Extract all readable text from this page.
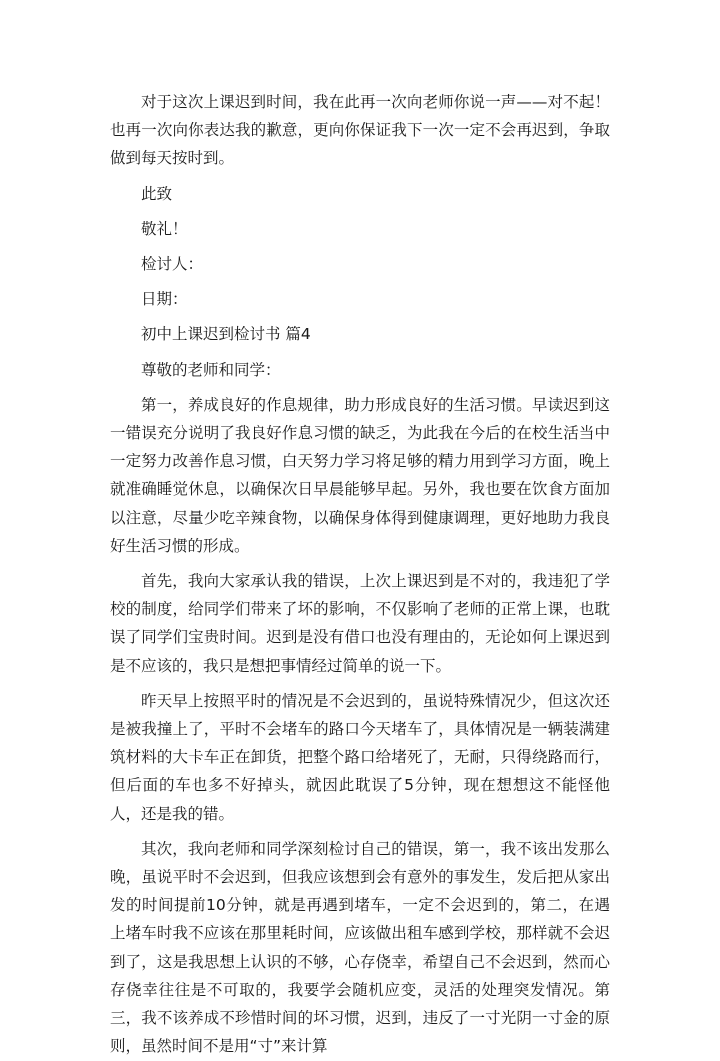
对于这次上课迟到时间，我在此再一次向老师你说一声——对不起！也再一次向你表达我的歉意，更向你保证我下一次一定不会再迟到，争取做到每天按时到。

此致

敬礼！

检讨人：

日期：

初中上课迟到检讨书 篇4

尊敬的老师和同学：

第一，养成良好的作息规律，助力形成良好的生活习惯。早读迟到这一错误充分说明了我良好作息习惯的缺乏，为此我在今后的在校生活当中一定努力改善作息习惯，白天努力学习将足够的精力用到学习方面，晚上就准确睡觉休息，以确保次日早晨能够早起。另外，我也要在饮食方面加以注意，尽量少吃辛辣食物，以确保身体得到健康调理，更好地助力我良好生活习惯的形成。

首先，我向大家承认我的错误，上次上课迟到是不对的，我违犯了学校的制度，给同学们带来了坏的影响，不仅影响了老师的正常上课，也耽误了同学们宝贵时间。迟到是没有借口也没有理由的，无论如何上课迟到是不应该的，我只是想把事情经过简单的说一下。

昨天早上按照平时的情况是不会迟到的，虽说特殊情况少，但这次还是被我撞上了，平时不会堵车的路口今天堵车了，具体情况是一辆装满建筑材料的大卡车正在卸货，把整个路口给堵死了，无耐，只得绕路而行，但后面的车也多不好掉头，就因此耽误了5分钟，现在想想这不能怪他人，还是我的错。

其次，我向老师和同学深刻检讨自己的错误，第一，我不该出发那么晚，虽说平时不会迟到，但我应该想到会有意外的事发生，发后把从家出发的时间提前10分钟，就是再遇到堵车，一定不会迟到的，第二，在遇上堵车时我不应该在那里耗时间，应该做出租车感到学校，那样就不会迟到了，这是我思想上认识的不够，心存侥幸，希望自己不会迟到，然而心存侥幸往往是不可取的，我要学会随机应变，灵活的处理突发情况。第三，我不该养成不珍惜时间的坏习惯，迟到，违反了一寸光阴一寸金的原则，虽然时间不是用“寸”来计算
